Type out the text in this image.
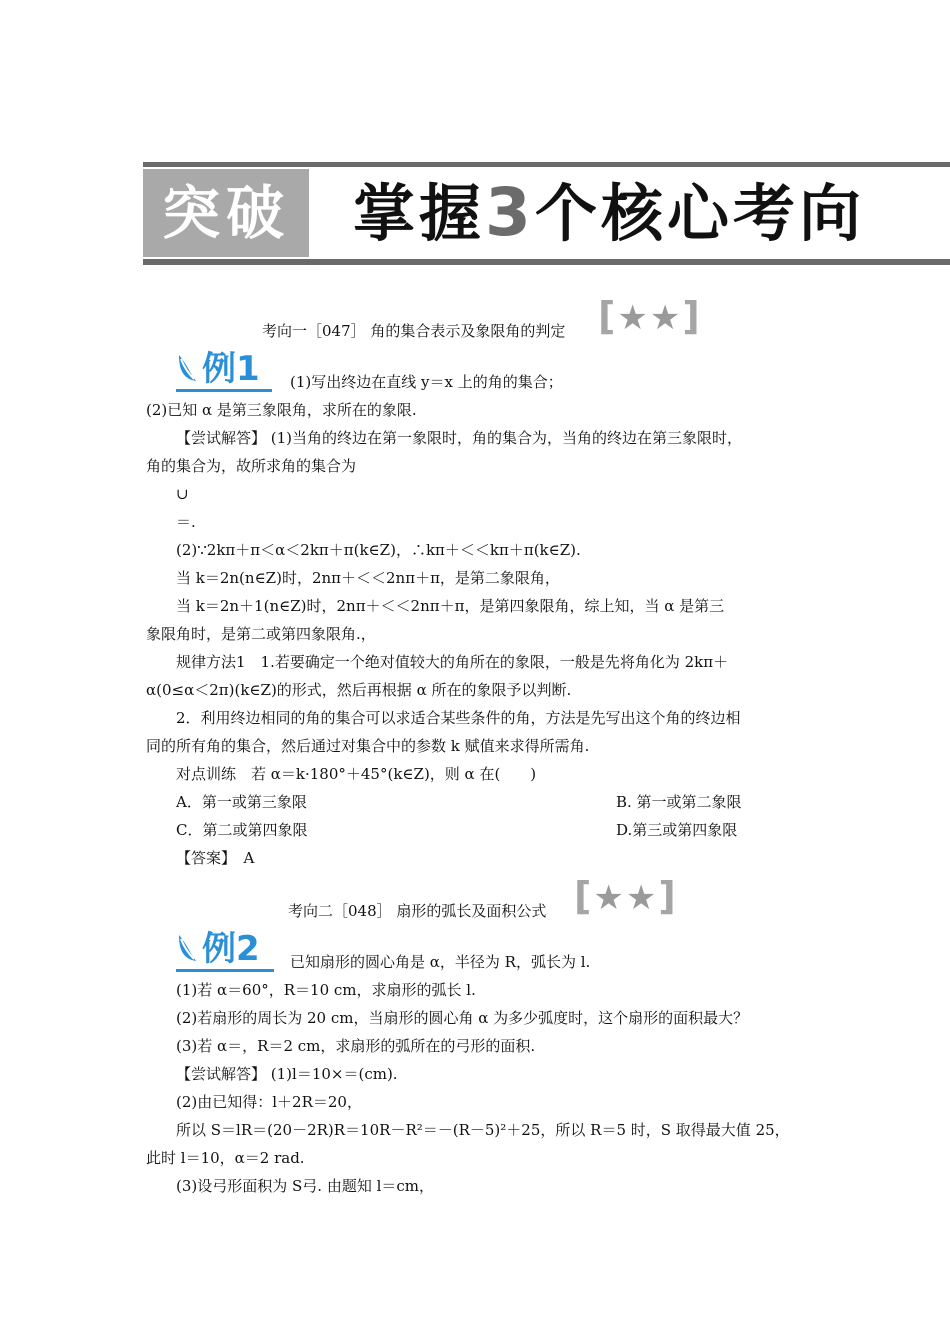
突破	掌握3个核心考向
考向一［047］ 角的集合表示及象限角的判定 [★★]
例1	(1)写出终边在直线 y＝x 上的角的集合；
(2)已知 α 是第三象限角，求所在的象限.
【尝试解答】 (1)当角的终边在第一象限时，角的集合为，当角的终边在第三象限时，
角的集合为，故所求角的集合为
∪
＝.
(2)∵2kπ＋π＜α＜2kπ＋π(k∈Z)，∴kπ＋＜＜kπ＋π(k∈Z).
当 k＝2n(n∈Z)时，2nπ＋＜＜2nπ＋π，是第二象限角，
当 k＝2n＋1(n∈Z)时，2nπ＋＜＜2nπ＋π，是第四象限角，综上知，当 α 是第三
象限角时，是第二或第四象限角.，
规律方法1　1.若要确定一个绝对值较大的角所在的象限，一般是先将角化为 2kπ＋
α(0≤α＜2π)(k∈Z)的形式，然后再根据 α 所在的象限予以判断.
2．利用终边相同的角的集合可以求适合某些条件的角，方法是先写出这个角的终边相
同的所有角的集合，然后通过对集合中的参数 k 赋值来求得所需角.
对点训练　若 α＝k·180°＋45°(k∈Z)，则 α 在(　　)
A．第一或第三象限	B. 第一或第二象限
C．第二或第四象限	D.第三或第四象限
【答案】　A
考向二［048］ 扇形的弧长及面积公式 [★★]
例2	已知扇形的圆心角是 α，半径为 R，弧长为 l.
(1)若 α＝60°，R＝10 cm，求扇形的弧长 l.
(2)若扇形的周长为 20 cm，当扇形的圆心角 α 为多少弧度时，这个扇形的面积最大？
(3)若 α＝，R＝2 cm，求扇形的弧所在的弓形的面积.
【尝试解答】 (1)l＝10×＝(cm).
(2)由已知得：l＋2R＝20，
所以 S＝lR＝(20－2R)R＝10R－R²＝－(R－5)²＋25，所以 R＝5 时，S 取得最大值 25，
此时 l＝10，α＝2 rad.
(3)设弓形面积为 S弓. 由题知 l＝cm，
